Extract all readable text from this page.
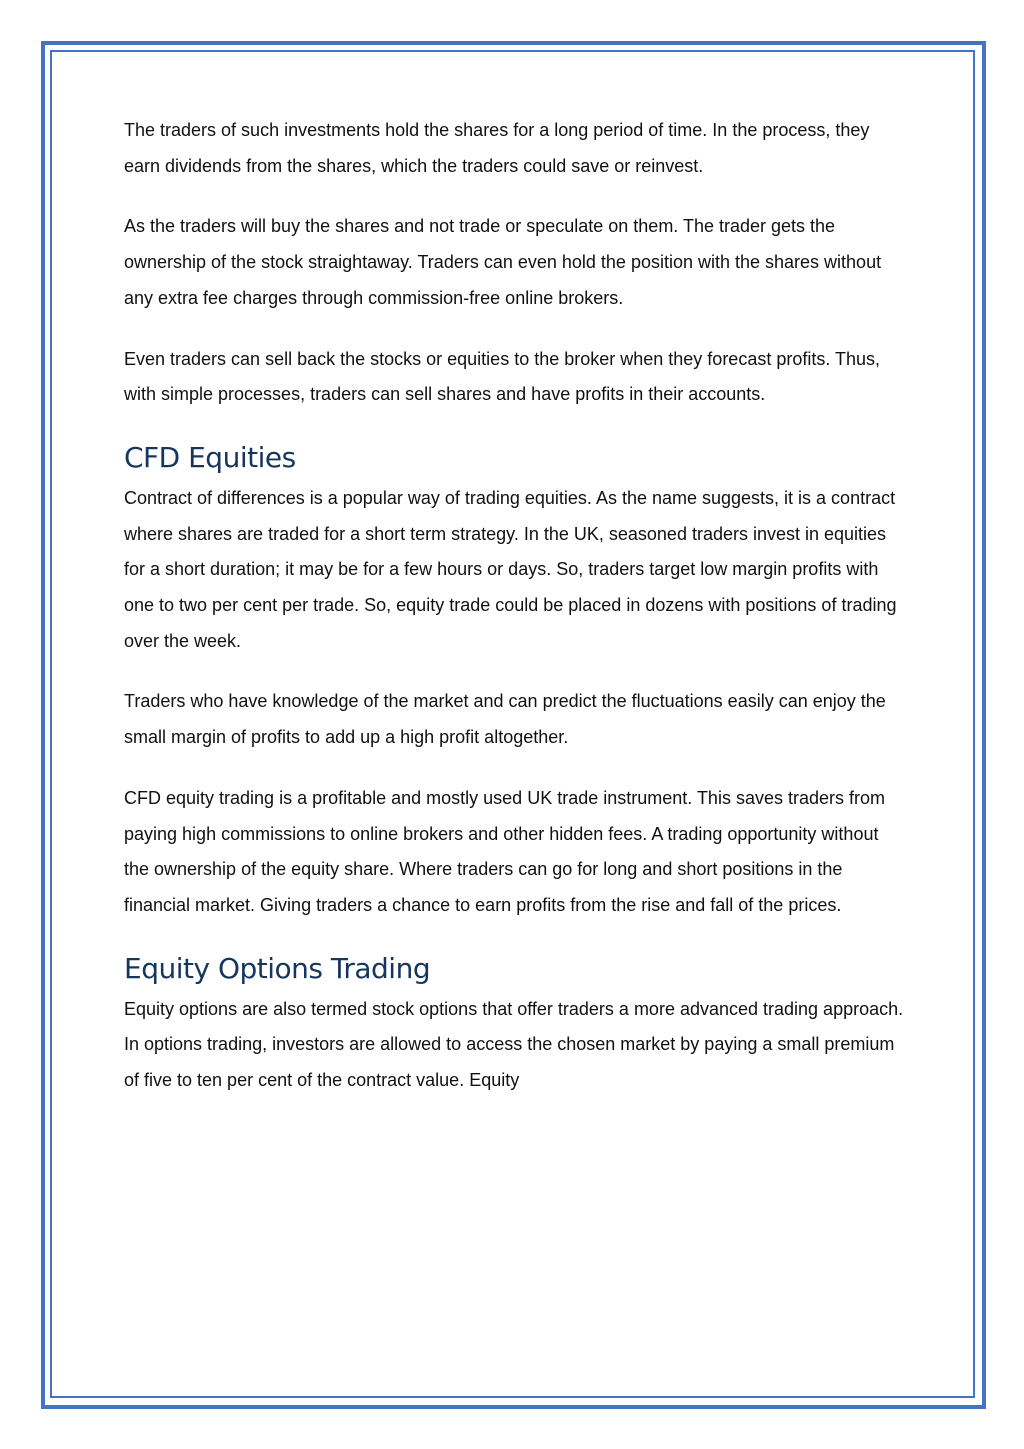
The traders of such investments hold the shares for a long period of time. In the process, they earn dividends from the shares, which the traders could save or reinvest.

As the traders will buy the shares and not trade or speculate on them. The trader gets the ownership of the stock straightaway. Traders can even hold the position with the shares without any extra fee charges through commission-free online brokers.

Even traders can sell back the stocks or equities to the broker when they forecast profits. Thus, with simple processes, traders can sell shares and have profits in their accounts.

CFD Equities

Contract of differences is a popular way of trading equities. As the name suggests, it is a contract where shares are traded for a short term strategy. In the UK, seasoned traders invest in equities for a short duration; it may be for a few hours or days. So, traders target low margin profits with one to two per cent per trade. So, equity trade could be placed in dozens with positions of trading over the week.

Traders who have knowledge of the market and can predict the fluctuations easily can enjoy the small margin of profits to add up a high profit altogether.

CFD equity trading is a profitable and mostly used UK trade instrument. This saves traders from paying high commissions to online brokers and other hidden fees. A trading opportunity without the ownership of the equity share. Where traders can go for long and short positions in the financial market. Giving traders a chance to earn profits from the rise and fall of the prices.

Equity Options Trading

Equity options are also termed stock options that offer traders a more advanced trading approach. In options trading, investors are allowed to access the chosen market by paying a small premium of five to ten per cent of the contract value. Equity
